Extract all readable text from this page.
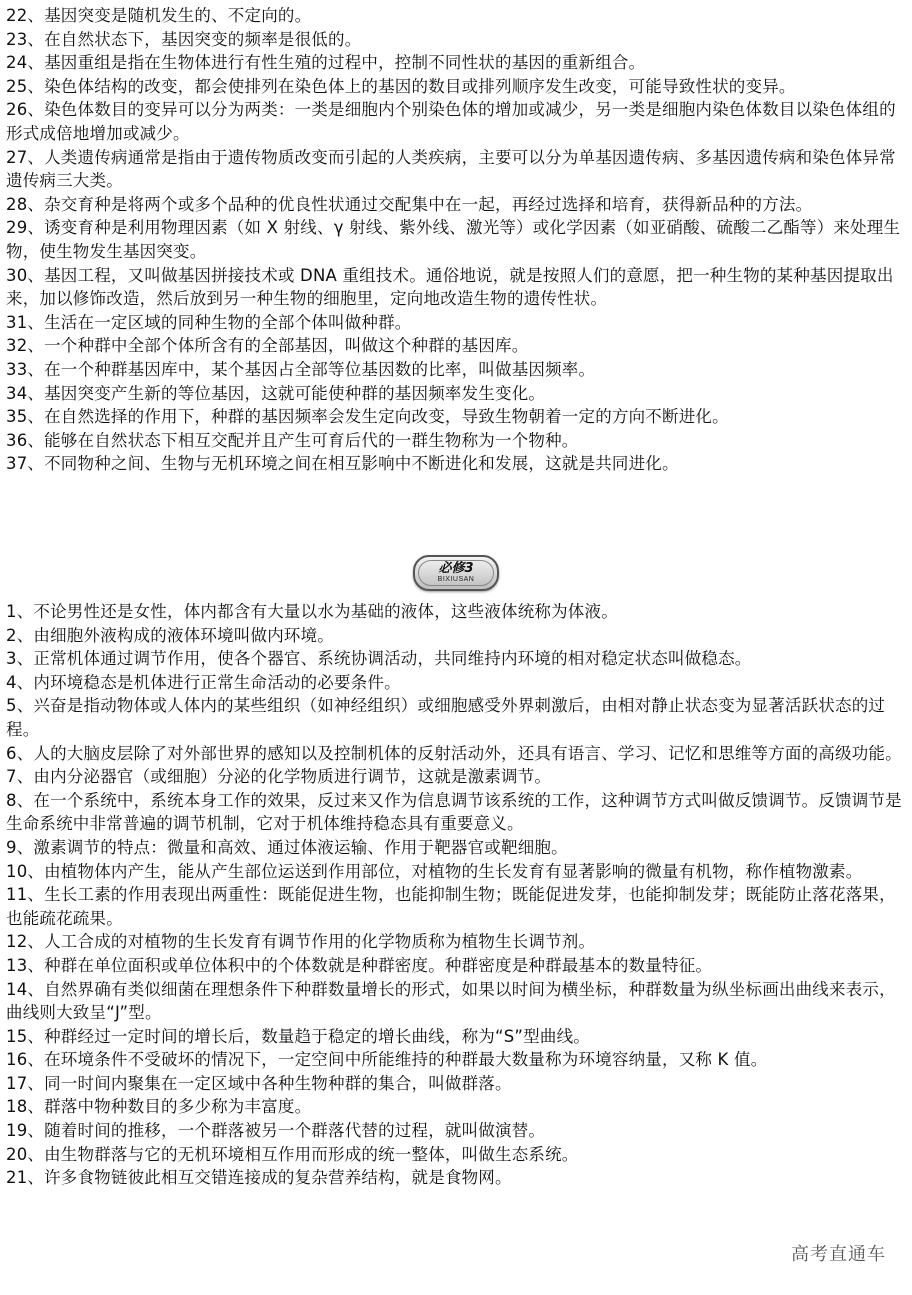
22、基因突变是随机发生的、不定向的。

23、在自然状态下，基因突变的频率是很低的。

24、基因重组是指在生物体进行有性生殖的过程中，控制不同性状的基因的重新组合。

25、染色体结构的改变，都会使排列在染色体上的基因的数目或排列顺序发生改变，可能导致性状的变异。

26、染色体数目的变异可以分为两类：一类是细胞内个别染色体的增加或减少，另一类是细胞内染色体数目以染色体组的形式成倍地增加或减少。

27、人类遗传病通常是指由于遗传物质改变而引起的人类疾病，主要可以分为单基因遗传病、多基因遗传病和染色体异常遗传病三大类。

28、杂交育种是将两个或多个品种的优良性状通过交配集中在一起，再经过选择和培育，获得新品种的方法。

29、诱变育种是利用物理因素（如 X 射线、γ 射线、紫外线、激光等）或化学因素（如亚硝酸、硫酸二乙酯等）来处理生物，使生物发生基因突变。

30、基因工程，又叫做基因拼接技术或 DNA 重组技术。通俗地说，就是按照人们的意愿，把一种生物的某种基因提取出来，加以修饰改造，然后放到另一种生物的细胞里，定向地改造生物的遗传性状。

31、生活在一定区域的同种生物的全部个体叫做种群。

32、一个种群中全部个体所含有的全部基因，叫做这个种群的基因库。

33、在一个种群基因库中，某个基因占全部等位基因数的比率，叫做基因频率。

34、基因突变产生新的等位基因，这就可能使种群的基因频率发生变化。

35、在自然选择的作用下，种群的基因频率会发生定向改变，导致生物朝着一定的方向不断进化。

36、能够在自然状态下相互交配并且产生可育后代的一群生物称为一个物种。

37、不同物种之间、生物与无机环境之间在相互影响中不断进化和发展，这就是共同进化。

必修3
BIXIUSAN

1、不论男性还是女性，体内都含有大量以水为基础的液体，这些液体统称为体液。

2、由细胞外液构成的液体环境叫做内环境。

3、正常机体通过调节作用，使各个器官、系统协调活动，共同维持内环境的相对稳定状态叫做稳态。

4、内环境稳态是机体进行正常生命活动的必要条件。

5、兴奋是指动物体或人体内的某些组织（如神经组织）或细胞感受外界刺激后，由相对静止状态变为显著活跃状态的过程。

6、人的大脑皮层除了对外部世界的感知以及控制机体的反射活动外，还具有语言、学习、记忆和思维等方面的高级功能。

7、由内分泌器官（或细胞）分泌的化学物质进行调节，这就是激素调节。

8、在一个系统中，系统本身工作的效果，反过来又作为信息调节该系统的工作，这种调节方式叫做反馈调节。反馈调节是生命系统中非常普遍的调节机制，它对于机体维持稳态具有重要意义。

9、激素调节的特点：微量和高效、通过体液运输、作用于靶器官或靶细胞。

10、由植物体内产生，能从产生部位运送到作用部位，对植物的生长发育有显著影响的微量有机物，称作植物激素。

11、生长工素的作用表现出两重性：既能促进生物，也能抑制生物；既能促进发芽，也能抑制发芽；既能防止落花落果，也能疏花疏果。

12、人工合成的对植物的生长发育有调节作用的化学物质称为植物生长调节剂。

13、种群在单位面积或单位体积中的个体数就是种群密度。种群密度是种群最基本的数量特征。

14、自然界确有类似细菌在理想条件下种群数量增长的形式，如果以时间为横坐标，种群数量为纵坐标画出曲线来表示，曲线则大致呈“J”型。

15、种群经过一定时间的增长后，数量趋于稳定的增长曲线，称为“S”型曲线。

16、在环境条件不受破坏的情况下，一定空间中所能维持的种群最大数量称为环境容纳量，又称 K 值。

17、同一时间内聚集在一定区域中各种生物种群的集合，叫做群落。

18、群落中物种数目的多少称为丰富度。

19、随着时间的推移，一个群落被另一个群落代替的过程，就叫做演替。

20、由生物群落与它的无机环境相互作用而形成的统一整体，叫做生态系统。

21、许多食物链彼此相互交错连接成的复杂营养结构，就是食物网。

高考直通车
